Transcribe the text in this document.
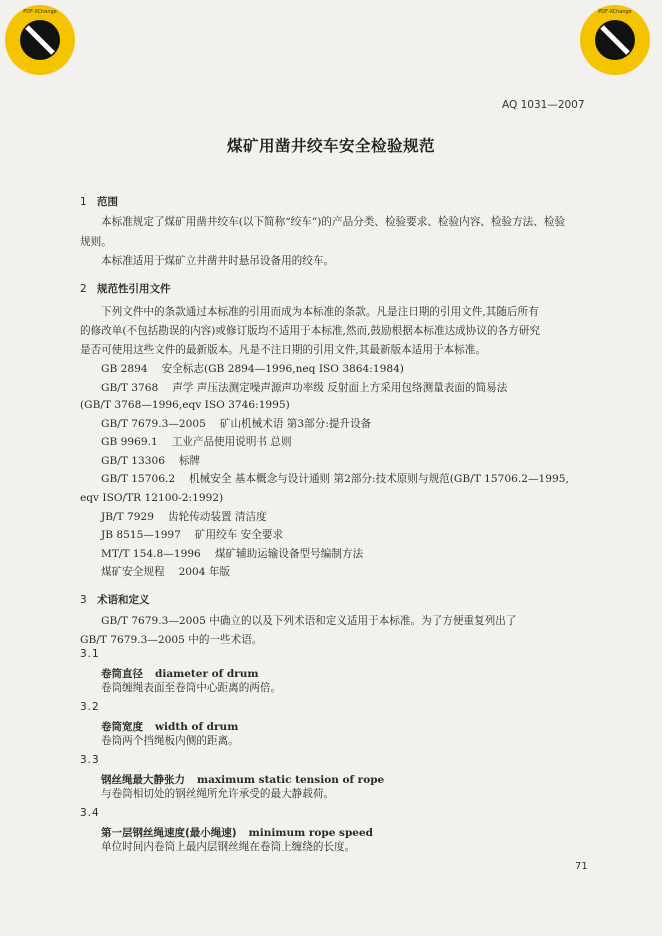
PDF-XChange	PDF-XChange
AQ 1031—2007
煤矿用凿井绞车安全检验规范
1 范围
本标准规定了煤矿用凿井绞车(以下简称“绞车”)的产品分类、检验要求、检验内容、检验方法、检验
规则。
本标准适用于煤矿立井凿井时悬吊设备用的绞车。
2 规范性引用文件
下列文件中的条款通过本标准的引用而成为本标准的条款。凡是注日期的引用文件,其随后所有
的修改单(不包括勘误的内容)或修订版均不适用于本标准,然而,鼓励根据本标准达成协议的各方研究
是否可使用这些文件的最新版本。凡是不注日期的引用文件,其最新版本适用于本标准。
GB 2894 安全标志(GB 2894—1996,neq ISO 3864:1984)
GB/T 3768 声学 声压法测定噪声源声功率级 反射面上方采用包络测量表面的简易法
(GB/T 3768—1996,eqv ISO 3746:1995)
GB/T 7679.3—2005 矿山机械术语 第3部分:提升设备
GB 9969.1 工业产品使用说明书 总则
GB/T 13306 标牌
GB/T 15706.2 机械安全 基本概念与设计通则 第2部分:技术原则与规范(GB/T 15706.2—1995,
eqv ISO/TR 12100-2:1992)
JB/T 7929 齿轮传动装置 清洁度
JB 8515—1997 矿用绞车 安全要求
MT/T 154.8—1996 煤矿辅助运输设备型号编制方法
煤矿安全规程 2004 年版
3 术语和定义
GB/T 7679.3—2005 中确立的以及下列术语和定义适用于本标准。为了方便重复列出了
GB/T 7679.3—2005 中的一些术语。
3.1
卷筒直径 diameter of drum
卷筒缠绳表面至卷筒中心距离的两倍。
3.2
卷筒宽度 width of drum
卷筒两个挡绳板内侧的距离。
3.3
钢丝绳最大静张力 maximum static tension of rope
与卷筒相切处的钢丝绳所允许承受的最大静载荷。
3.4
第一层钢丝绳速度(最小绳速) minimum rope speed
单位时间内卷筒上最内层钢丝绳在卷筒上缠绕的长度。
71
